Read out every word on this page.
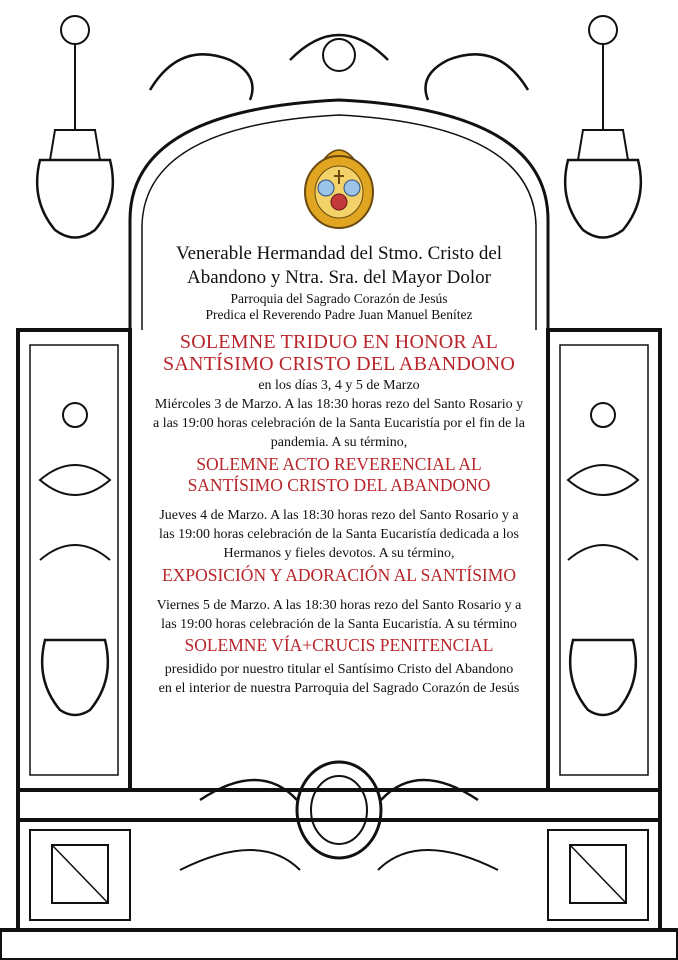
Venerable Hermandad del Stmo. Cristo del
Abandono y Ntra. Sra. del Mayor Dolor
Parroquia del Sagrado Corazón de Jesús
Predica el Reverendo Padre Juan Manuel Benítez
SOLEMNE TRIDUO EN HONOR AL
SANTÍSIMO CRISTO DEL ABANDONO
en los días 3, 4 y 5 de Marzo
Miércoles 3 de Marzo. A las 18:30 horas rezo del Santo Rosario y
a las 19:00 horas celebración de la Santa Eucaristía por el fin de la
pandemia. A su término,
SOLEMNE ACTO REVERENCIAL AL
SANTÍSIMO CRISTO DEL ABANDONO
Jueves 4 de Marzo. A las 18:30 horas rezo del Santo Rosario y a
las 19:00 horas celebración de la Santa Eucaristía dedicada a los
Hermanos y fieles devotos. A su término,
EXPOSICIÓN Y ADORACIÓN AL SANTÍSIMO
Viernes 5 de Marzo. A las 18:30 horas rezo del Santo Rosario y a
las 19:00 horas celebración de la Santa Eucaristía. A su término
SOLEMNE VÍA+CRUCIS PENITENCIAL
presidido por nuestro titular el Santísimo Cristo del Abandono
en el interior de nuestra Parroquia del Sagrado Corazón de Jesús
